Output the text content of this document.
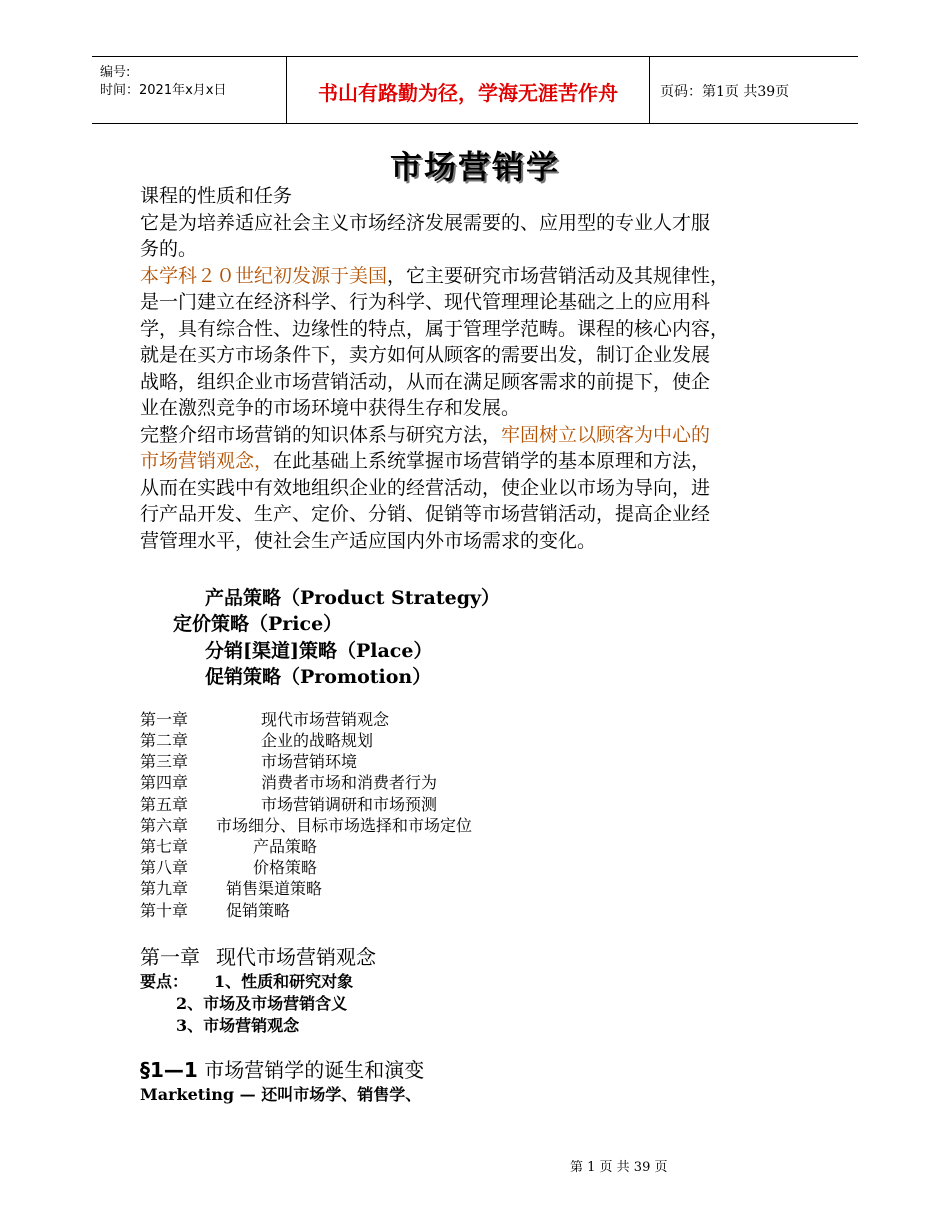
编号:
时间：2021年x月x日	书山有路勤为径，学海无涯苦作舟	页码：第1页 共39页
市场营销学
课程的性质和任务
它是为培养适应社会主义市场经济发展需要的、应用型的专业人才服
务的。
本学科２０世纪初发源于美国，它主要研究市场营销活动及其规律性，
是一门建立在经济科学、行为科学、现代管理理论基础之上的应用科
学，具有综合性、边缘性的特点，属于管理学范畴。课程的核心内容，
就是在买方市场条件下，卖方如何从顾客的需要出发，制订企业发展
战略，组织企业市场营销活动，从而在满足顾客需求的前提下，使企
业在激烈竞争的市场环境中获得生存和发展。
完整介绍市场营销的知识体系与研究方法，牢固树立以顾客为中心的
市场营销观念，在此基础上系统掌握市场营销学的基本原理和方法，
从而在实践中有效地组织企业的经营活动，使企业以市场为导向，进
行产品开发、生产、定价、分销、促销等市场营销活动，提高企业经
营管理水平，使社会生产适应国内外市场需求的变化。
产品策略（Product Strategy）
定价策略（Price）
分销[渠道]策略（Place）
促销策略（Promotion）
第一章	现代市场营销观念
第二章	企业的战略规划
第三章	市场营销环境
第四章	消费者市场和消费者行为
第五章	市场营销调研和市场预测
第六章 市场细分、目标市场选择和市场定位
第七章	产品策略
第八章	价格策略
第九章 销售渠道策略
第十章 促销策略
第一章 现代市场营销观念
要点： 1、性质和研究对象
2、市场及市场营销含义
3、市场营销观念
§1—1 市场营销学的诞生和演变
Marketing — 还叫市场学、销售学、
第 1 页 共 39 页
